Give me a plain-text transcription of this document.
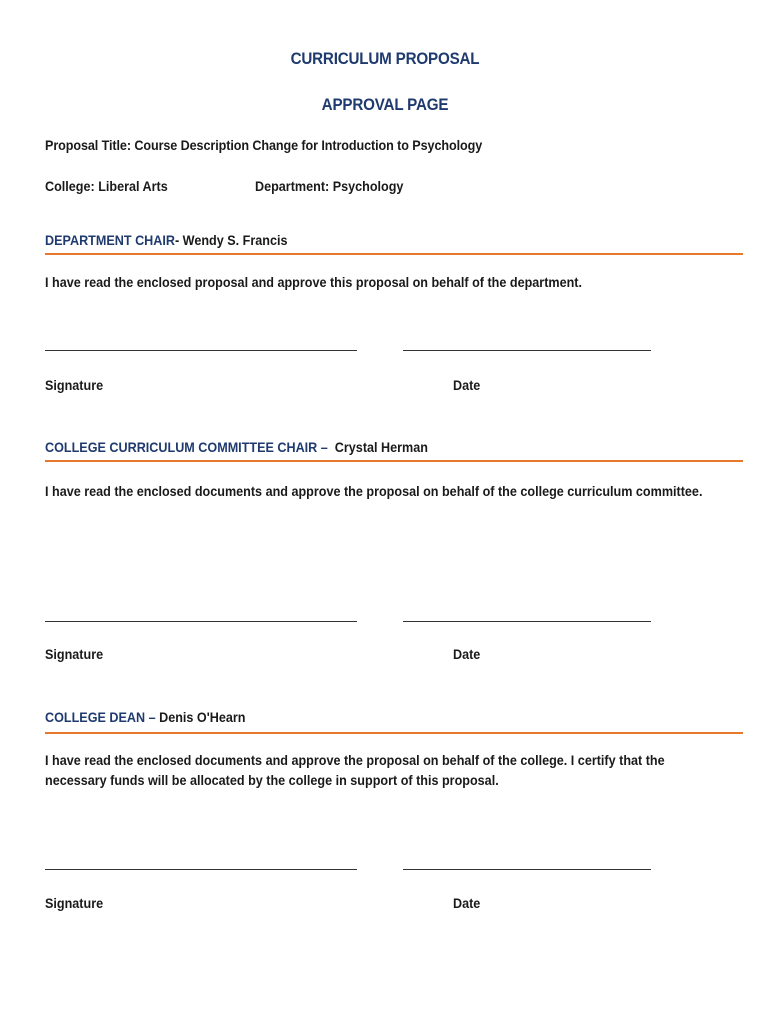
CURRICULUM PROPOSAL
APPROVAL PAGE
Proposal Title: Course Description Change for Introduction to Psychology
College: Liberal Arts	Department: Psychology
DEPARTMENT CHAIR- Wendy S. Francis
I have read the enclosed proposal and approve this proposal on behalf of the department.
Signature	Date
COLLEGE CURRICULUM COMMITTEE CHAIR – Crystal Herman
I have read the enclosed documents and approve the proposal on behalf of the college curriculum committee.
Signature	Date
COLLEGE DEAN – Denis O'Hearn
I have read the enclosed documents and approve the proposal on behalf of the college. I certify that the necessary funds will be allocated by the college in support of this proposal.
Signature	Date
